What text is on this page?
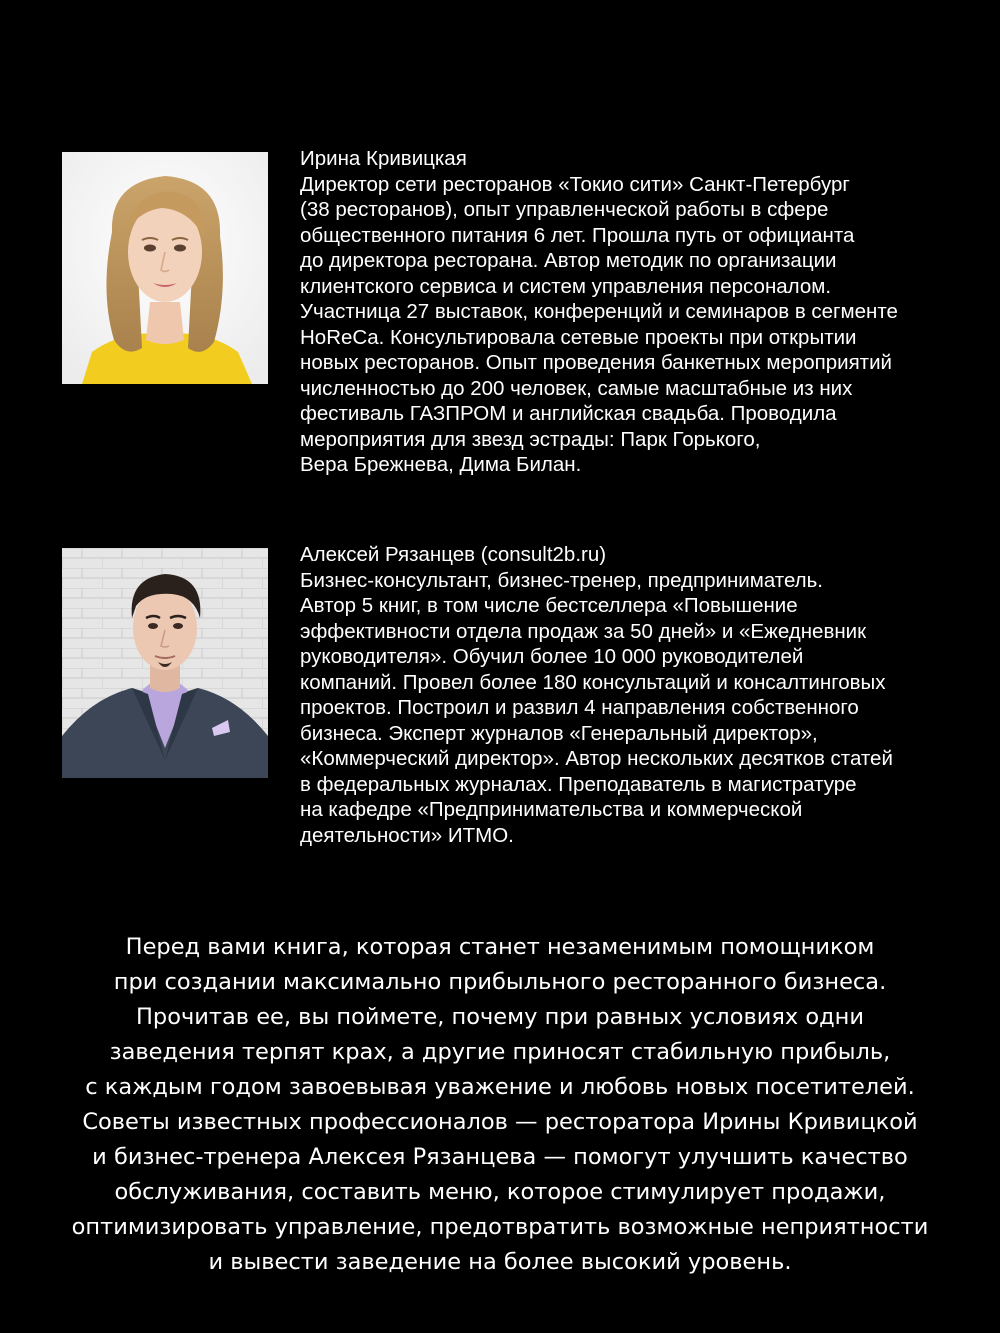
Ирина Кривицкая
Директор сети ресторанов «Токио сити» Санкт-Петербург
(38 ресторанов), опыт управленческой работы в сфере
общественного питания 6 лет. Прошла путь от официанта
до директора ресторана. Автор методик по организации
клиентского сервиса и систем управления персоналом.
Участница 27 выставок, конференций и семинаров в сегменте
HoReCa. Консультировала сетевые проекты при открытии
новых ресторанов. Опыт проведения банкетных мероприятий
численностью до 200 человек, самые масштабные из них
фестиваль ГАЗПРОМ и английская свадьба. Проводила
мероприятия для звезд эстрады: Парк Горького,
Вера Брежнева, Дима Билан.
Алексей Рязанцев (consult2b.ru)
Бизнес-консультант, бизнес-тренер, предприниматель.
Автор 5 книг, в том числе бестселлера «Повышение
эффективности отдела продаж за 50 дней» и «Ежедневник
руководителя». Обучил более 10 000 руководителей
компаний. Провел более 180 консультаций и консалтинговых
проектов. Построил и развил 4 направления собственного
бизнеса. Эксперт журналов «Генеральный директор»,
«Коммерческий директор». Автор нескольких десятков статей
в федеральных журналах. Преподаватель в магистратуре
на кафедре «Предпринимательства и коммерческой
деятельности» ИТМО.
Перед вами книга, которая станет незаменимым помощником
при создании максимально прибыльного ресторанного бизнеса.
Прочитав ее, вы поймете, почему при равных условиях одни
заведения терпят крах, а другие приносят стабильную прибыль,
с каждым годом завоевывая уважение и любовь новых посетителей.
Советы известных профессионалов — ресторатора Ирины Кривицкой
и бизнес-тренера Алексея Рязанцева — помогут улучшить качество
обслуживания, составить меню, которое стимулирует продажи,
оптимизировать управление, предотвратить возможные неприятности
и вывести заведение на более высокий уровень.
